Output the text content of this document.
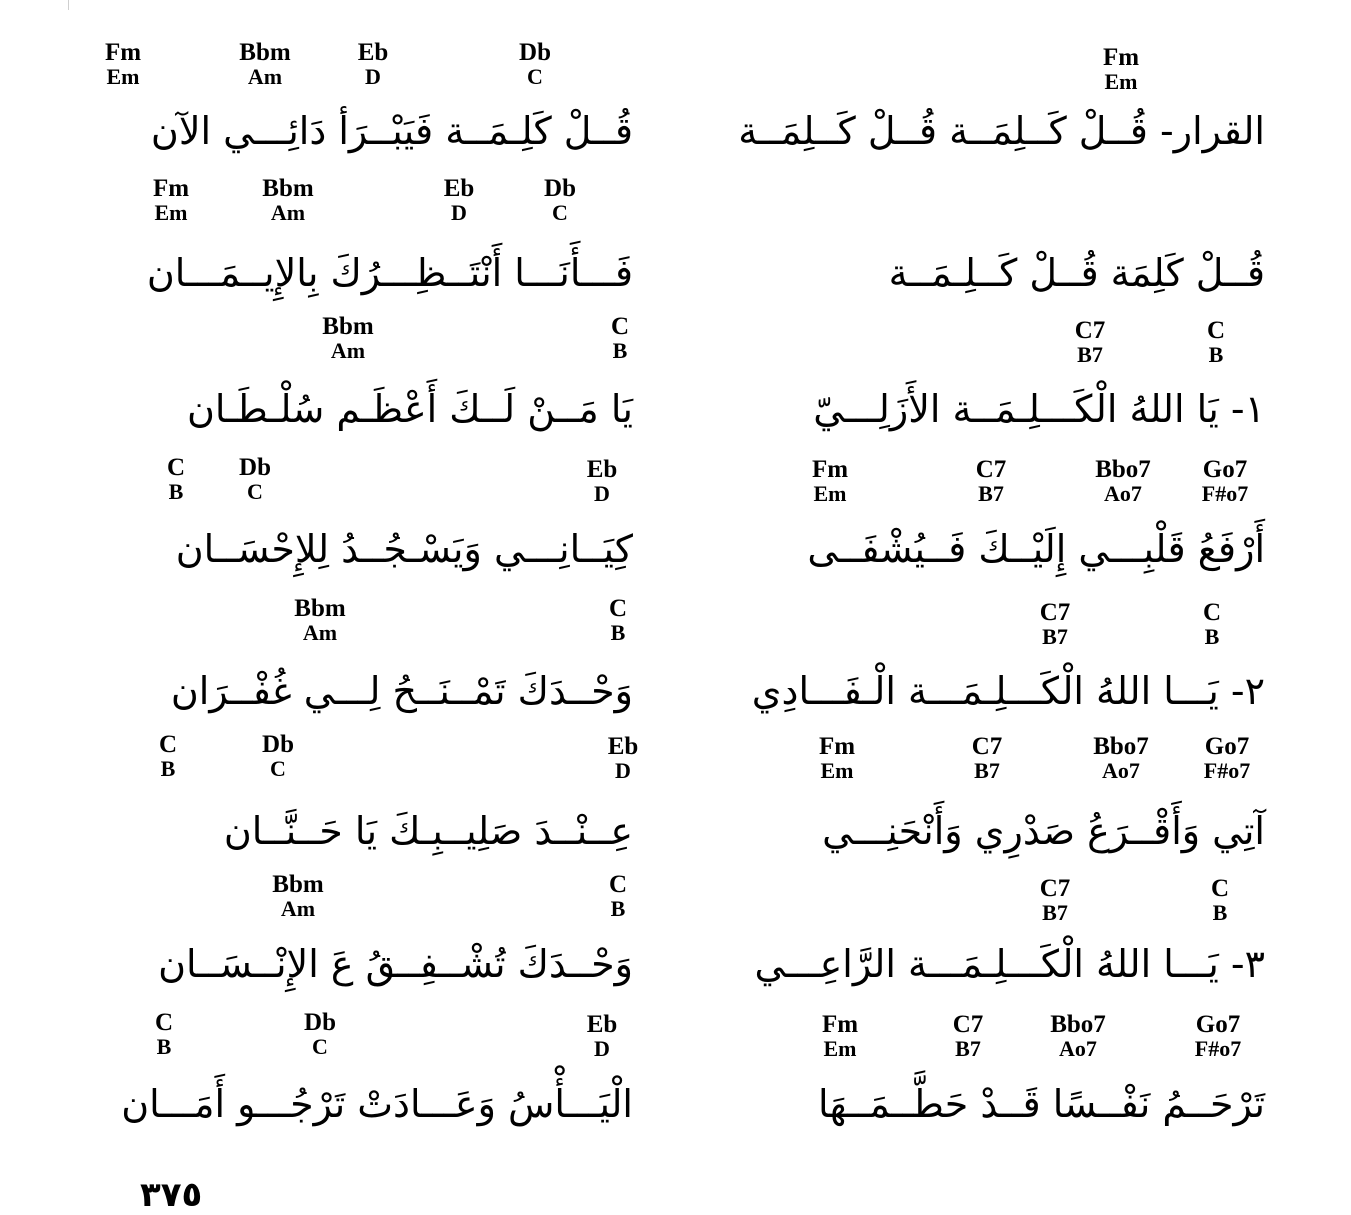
Fm
Em
Bbm
Am
Eb
D
Db
C
Fm
Em
القرار- قُــلْ كَــلِمَــة قُــلْ كَــلِمَــة
قُــلْ كَلِـمَــة فَيَبْــرَأ دَائِـــي الآن
Fm
Em
Bbm
Am
Eb
D
Db
C
قُــلْ كَلِمَة قُــلْ كَــلِـمَــة
فَـــأَنَـــا أَنْتَــظِـــرُكَ بِالإِيــمَـــان
Bbm
Am
C
B
C7
B7
C
B
١- يَا اللهُ الْكَـــلِـمَــة الأَزَلِـــيّ
يَا مَــنْ لَــكَ أَعْظَـم سُلْـطَـان
C
B
Db
C
Eb
D
Fm
Em
C7
B7
Bbo7
Ao7
Go7
F#o7
أَرْفَعُ قَلْبِـــي إِلَيْــكَ فَــيُشْفَــى
كِيَــانِـــي وَيَسْـجُــدُ لِلإِحْسَــان
Bbm
Am
C
B
C7
B7
C
B
٢- يَـــا اللهُ الْكَـــلِـمَـــة الْـفَـــادِي
وَحْــدَكَ تَمْــنَــحُ لِـــي غُفْــرَان
C
B
Db
C
Eb
D
Fm
Em
C7
B7
Bbo7
Ao7
Go7
F#o7
آتِي وَأَقْــرَعُ صَدْرِي وَأَنْحَنِـــي
عِــنْــدَ صَلِيــبِـكَ يَا حَــنَّــان
Bbm
Am
C
B
C7
B7
C
B
٣- يَـــا اللهُ الْكَـــلِـمَـــة الرَّاعِـــي
وَحْــدَكَ تُشْــفِــقُ عَ الإِنْــسَــان
C
B
Db
C
Eb
D
Fm
Em
C7
B7
Bbo7
Ao7
Go7
F#o7
تَرْحَــمُ نَفْــسًا قَــدْ حَطَّــمَــهَا
الْيَـــأْسُ وَعَـــادَتْ تَرْجُـــو أَمَـــان
٣٧٥
